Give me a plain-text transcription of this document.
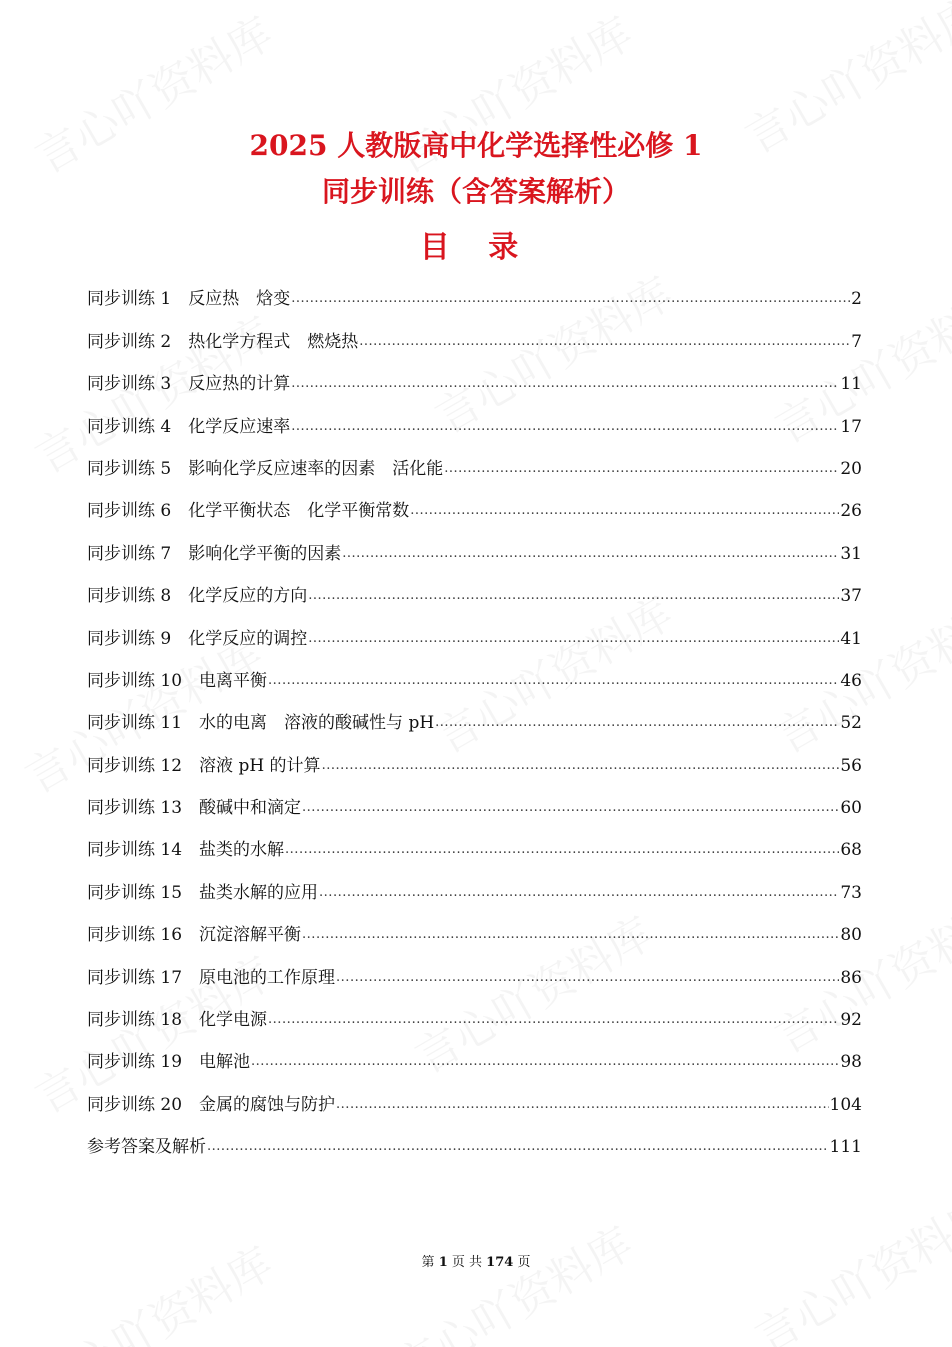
2025 人教版高中化学选择性必修 1
同步训练（含答案解析）
目 录
同步训练 1　反应热　焓变 .....	2
同步训练 2　热化学方程式　燃烧热 .....	7
同步训练 3　反应热的计算 .....	11
同步训练 4　化学反应速率 .....	17
同步训练 5　影响化学反应速率的因素　活化能 .....	20
同步训练 6　化学平衡状态　化学平衡常数 .....	26
同步训练 7　影响化学平衡的因素 .....	31
同步训练 8　化学反应的方向 .....	37
同步训练 9　化学反应的调控 .....	41
同步训练 10　电离平衡 .....	46
同步训练 11　水的电离　溶液的酸碱性与 pH .....	52
同步训练 12　溶液 pH 的计算 .....	56
同步训练 13　酸碱中和滴定 .....	60
同步训练 14　盐类的水解 .....	68
同步训练 15　盐类水解的应用 .....	73
同步训练 16　沉淀溶解平衡 .....	80
同步训练 17　原电池的工作原理 .....	86
同步训练 18　化学电源 .....	92
同步训练 19　电解池 .....	98
同步训练 20　金属的腐蚀与防护 .....	104
参考答案及解析 .....	111
第 1 页 共 174 页
